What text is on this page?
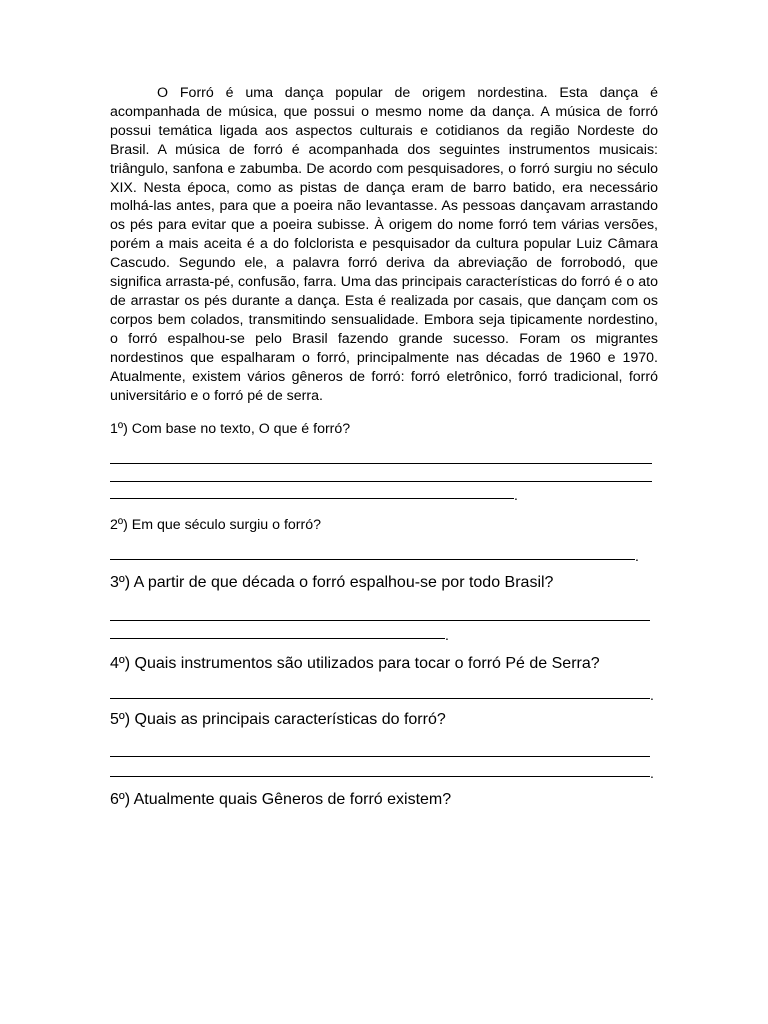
O Forró é uma dança popular de origem nordestina. Esta dança é acompanhada de música, que possui o mesmo nome da dança. A música de forró possui temática ligada aos aspectos culturais e cotidianos da região Nordeste do Brasil. A música de forró é acompanhada dos seguintes instrumentos musicais: triângulo, sanfona e zabumba. De acordo com pesquisadores, o forró surgiu no século XIX. Nesta época, como as pistas de dança eram de barro batido, era necessário molhá-las antes, para que a poeira não levantasse. As pessoas dançavam arrastando os pés para evitar que a poeira subisse. À origem do nome forró tem várias versões, porém a mais aceita é a do folclorista e pesquisador da cultura popular Luiz Câmara Cascudo. Segundo ele, a palavra forró deriva da abreviação de forrobodó, que significa arrasta-pé, confusão, farra. Uma das principais características do forró é o ato de arrastar os pés durante a dança. Esta é realizada por casais, que dançam com os corpos bem colados, transmitindo sensualidade. Embora seja tipicamente nordestino, o forró espalhou-se pelo Brasil fazendo grande sucesso. Foram os migrantes nordestinos que espalharam o forró, principalmente nas décadas de 1960 e 1970. Atualmente, existem vários gêneros de forró: forró eletrônico, forró tradicional, forró universitário e o forró pé de serra.

1º) Com base no texto, O que é forró?

.

2º) Em que século surgiu o forró?

.

3º) A partir de que década o forró espalhou-se por todo Brasil?

.

4º) Quais instrumentos são utilizados para tocar o forró Pé de Serra?

.

5º) Quais as principais características do forró?

.

6º) Atualmente quais Gêneros de forró existem?
